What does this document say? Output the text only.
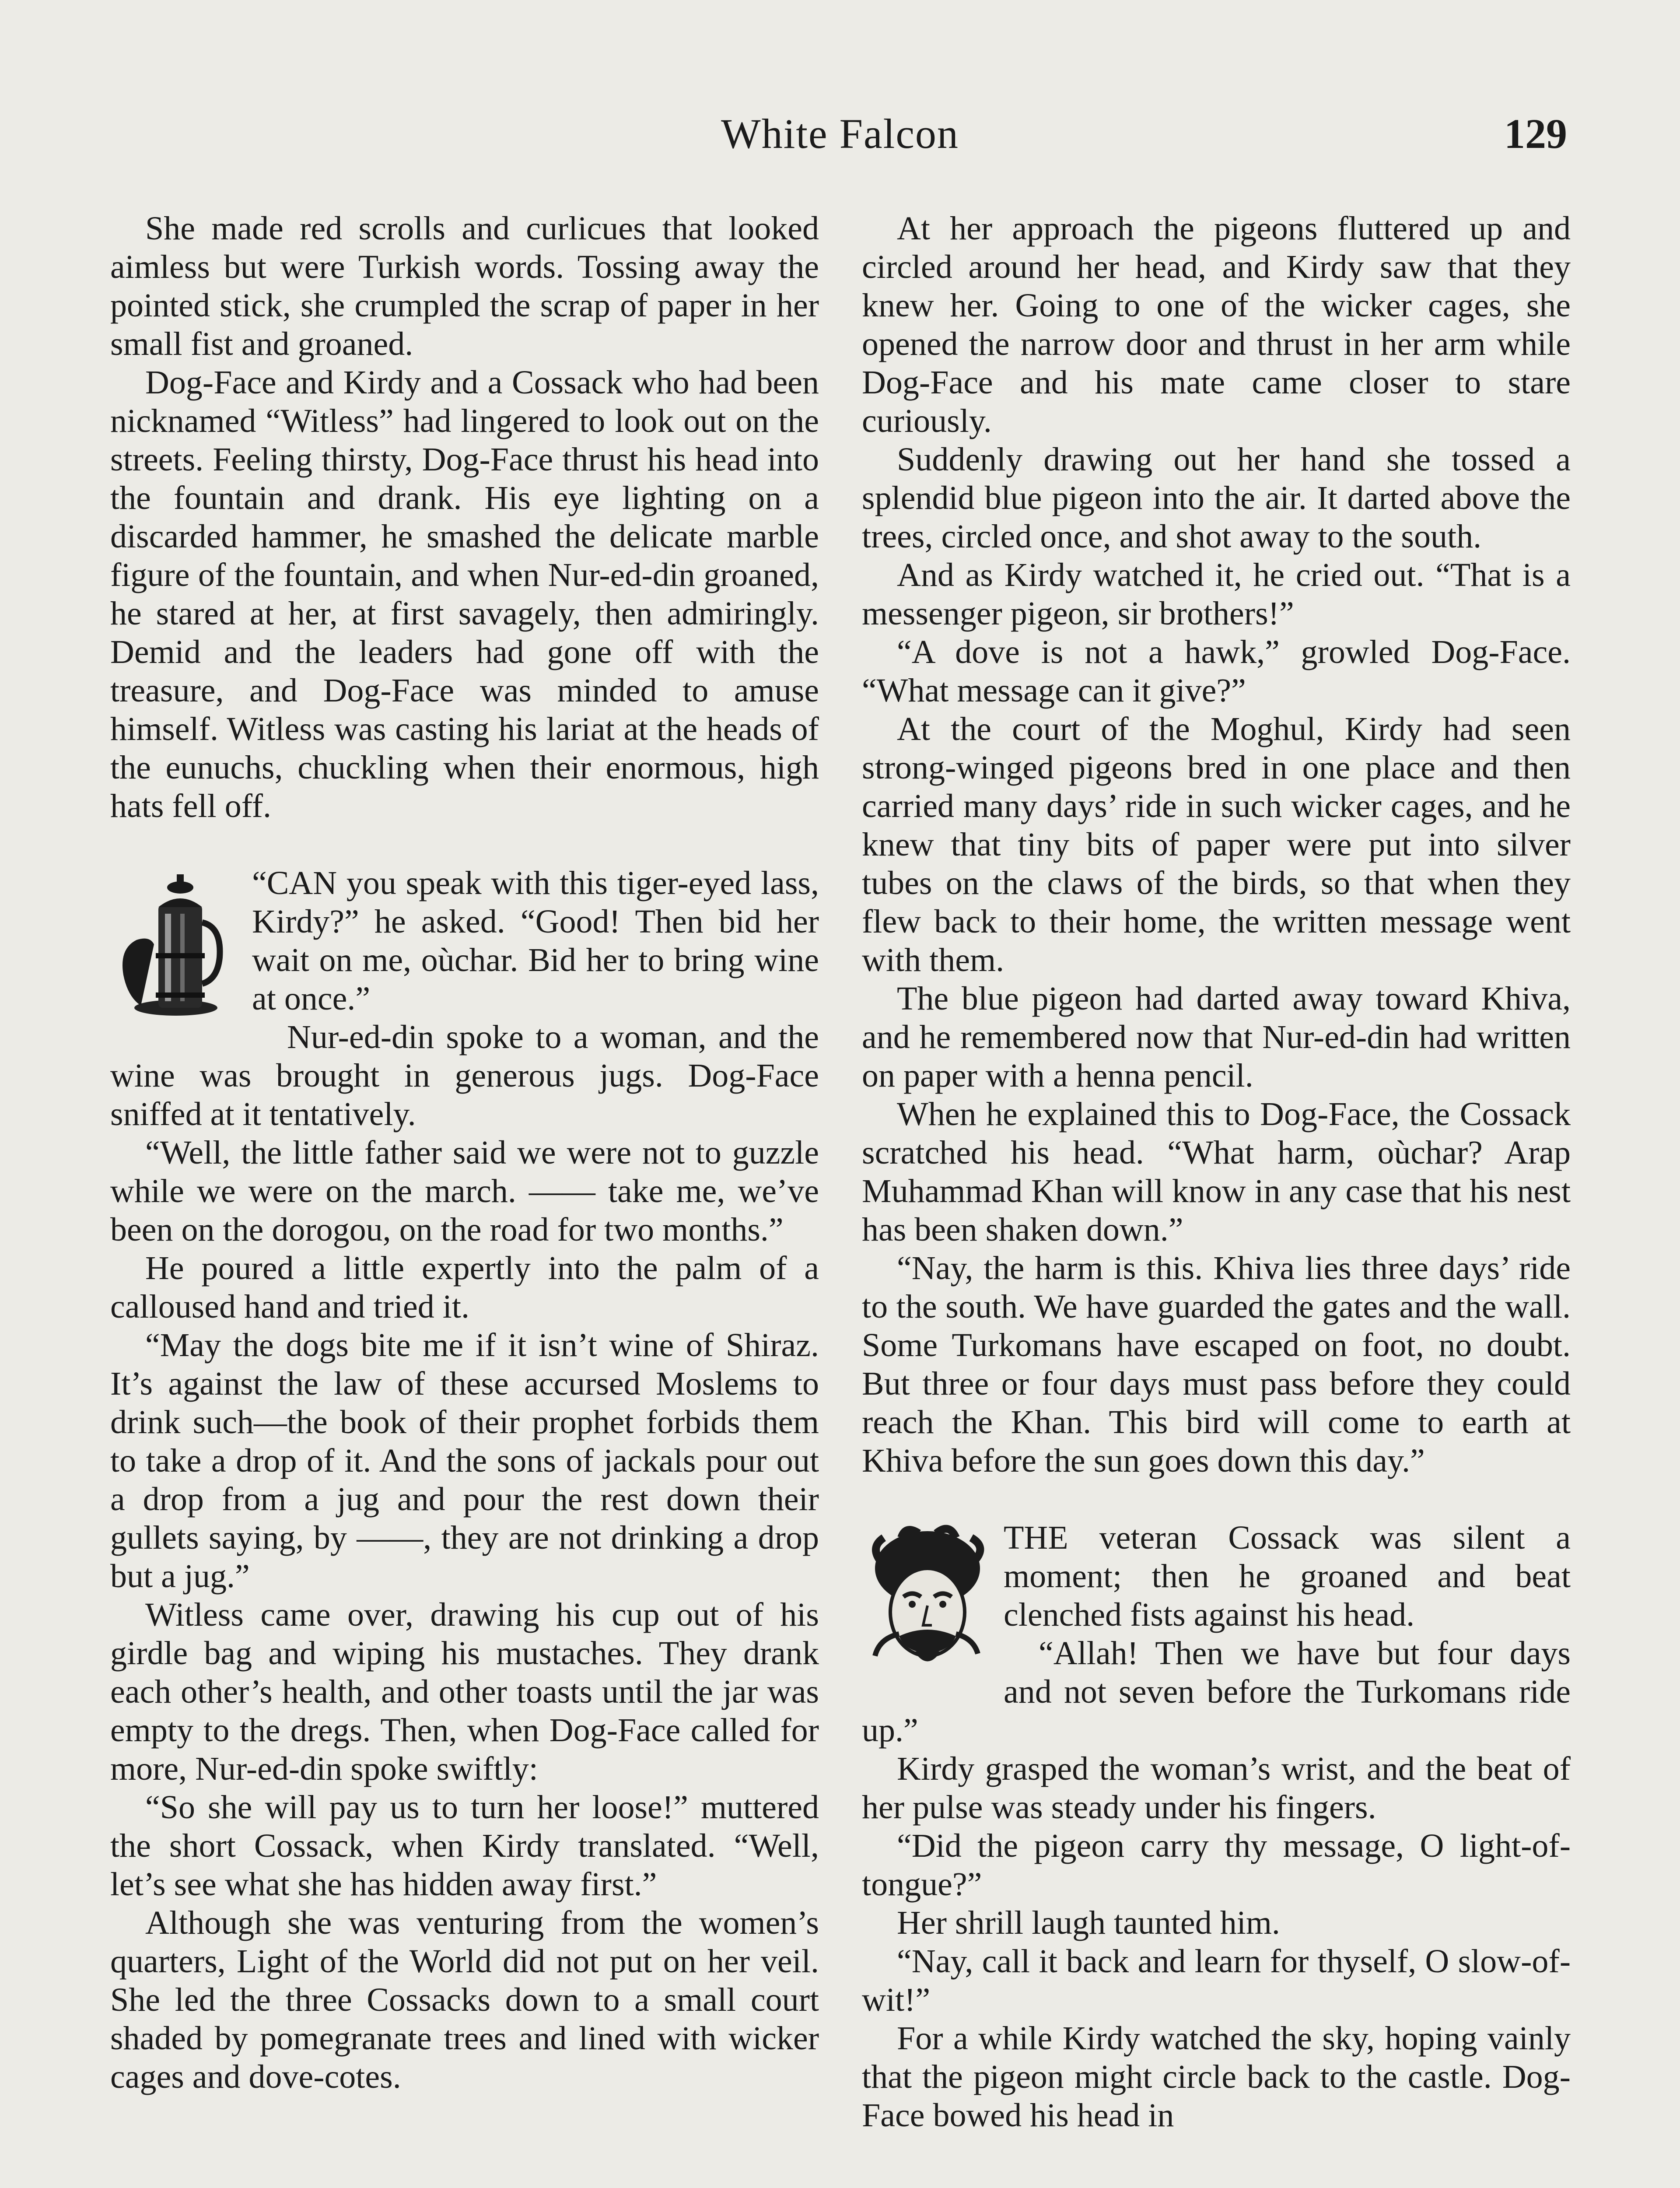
White Falcon	129

She made red scrolls and curlicues that looked aimless but were Turkish words. Tossing away the pointed stick, she crumpled the scrap of paper in her small fist and groaned.

Dog-Face and Kirdy and a Cossack who had been nicknamed “Witless” had lingered to look out on the streets. Feeling thirsty, Dog-Face thrust his head into the fountain and drank. His eye lighting on a discarded hammer, he smashed the delicate marble figure of the fountain, and when Nur-ed-din groaned, he stared at her, at first savagely, then admiringly. Demid and the leaders had gone off with the treasure, and Dog-Face was minded to amuse himself. Witless was casting his lariat at the heads of the eunuchs, chuckling when their enormous, high hats fell off.

“CAN you speak with this tiger-eyed lass, Kirdy?” he asked. “Good! Then bid her wait on me, oùchar. Bid her to bring wine at once.”

Nur-ed-din spoke to a woman, and the wine was brought in generous jugs. Dog-Face sniffed at it tentatively.

“Well, the little father said we were not to guzzle while we were on the march. —— take me, we’ve been on the dorogou, on the road for two months.”

He poured a little expertly into the palm of a calloused hand and tried it.

“May the dogs bite me if it isn’t wine of Shiraz. It’s against the law of these accursed Moslems to drink such—the book of their prophet forbids them to take a drop of it. And the sons of jackals pour out a drop from a jug and pour the rest down their gullets saying, by ——, they are not drinking a drop but a jug.”

Witless came over, drawing his cup out of his girdle bag and wiping his mustaches. They drank each other’s health, and other toasts until the jar was empty to the dregs. Then, when Dog-Face called for more, Nur-ed-din spoke swiftly:

“So she will pay us to turn her loose!” muttered the short Cossack, when Kirdy translated. “Well, let’s see what she has hidden away first.”

Although she was venturing from the women’s quarters, Light of the World did not put on her veil. She led the three Cossacks down to a small court shaded by pomegranate trees and lined with wicker cages and dove-cotes.

At her approach the pigeons fluttered up and circled around her head, and Kirdy saw that they knew her. Going to one of the wicker cages, she opened the narrow door and thrust in her arm while Dog-Face and his mate came closer to stare curiously.

Suddenly drawing out her hand she tossed a splendid blue pigeon into the air. It darted above the trees, circled once, and shot away to the south.

And as Kirdy watched it, he cried out. “That is a messenger pigeon, sir brothers!”

“A dove is not a hawk,” growled Dog-Face. “What message can it give?”

At the court of the Moghul, Kirdy had seen strong-winged pigeons bred in one place and then carried many days’ ride in such wicker cages, and he knew that tiny bits of paper were put into silver tubes on the claws of the birds, so that when they flew back to their home, the written message went with them.

The blue pigeon had darted away toward Khiva, and he remembered now that Nur-ed-din had written on paper with a henna pencil.

When he explained this to Dog-Face, the Cossack scratched his head. “What harm, oùchar? Arap Muhammad Khan will know in any case that his nest has been shaken down.”

“Nay, the harm is this. Khiva lies three days’ ride to the south. We have guarded the gates and the wall. Some Turkomans have escaped on foot, no doubt. But three or four days must pass before they could reach the Khan. This bird will come to earth at Khiva before the sun goes down this day.”

THE veteran Cossack was silent a moment; then he groaned and beat clenched fists against his head.

“Allah! Then we have but four days and not seven before the Turkomans ride up.”

Kirdy grasped the woman’s wrist, and the beat of her pulse was steady under his fingers.

“Did the pigeon carry thy message, O light-of-tongue?”

Her shrill laugh taunted him.

“Nay, call it back and learn for thyself, O slow-of-wit!”

For a while Kirdy watched the sky, hoping vainly that the pigeon might circle back to the castle. Dog-Face bowed his head in
